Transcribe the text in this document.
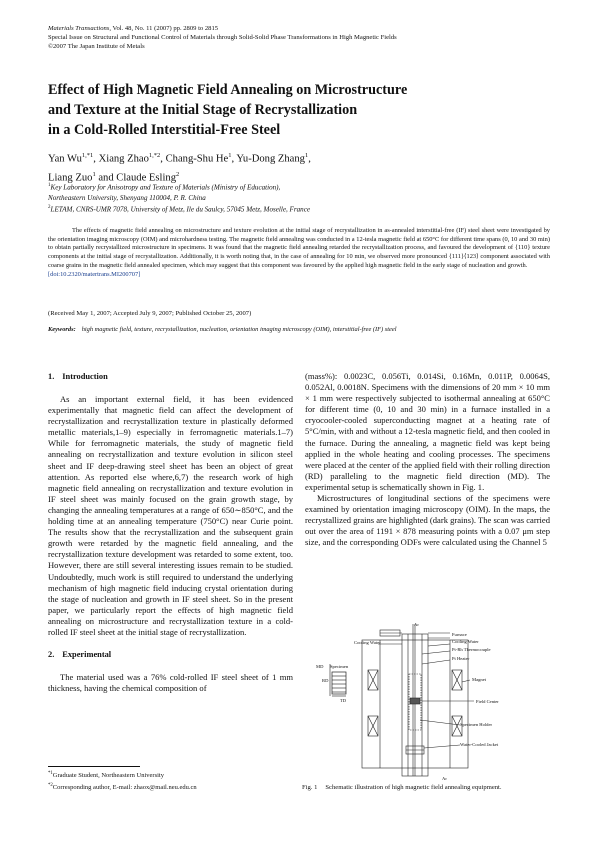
Materials Transactions, Vol. 48, No. 11 (2007) pp. 2809 to 2815
Special Issue on Structural and Functional Control of Materials through Solid-Solid Phase Transformations in High Magnetic Fields
©2007 The Japan Institute of Metals
Effect of High Magnetic Field Annealing on Microstructure
and Texture at the Initial Stage of Recrystallization
in a Cold-Rolled Interstitial-Free Steel
Yan $Wu^{1,*1}$, Xiang Zhao$^{1,*2}$, Chang-Shu He$^1$, Yu-Dong Zhang$^1$,
Liang Zuo$^1$ and Claude Esling$^2$
$^1$Key Laboratory for Anisotropy and Texture of Materials (Ministry of Education),
Northeastern University, Shenyang 110004, P. R. China
$^2$LETAM, CNRS-UMR 7078, University of Metz, Ile du Saulcy, 57045 Metz, Moselle, France
The effects of magnetic field annealing on microstructure and texture evolution at the initial stage of recrystallization in as-annealed interstitial-free (IF) steel sheet were investigated by the orientation imaging microscopy (OIM) and microhardness testing. The magnetic field annealing was conducted in a 12-tesla magnetic field at 650°C for different time spans (0, 10 and 30 min) to obtain partially recrystallized microstructure in specimens. It was found that the magnetic field annealing retarded the recrystallization process, and favoured the development of {110} texture components at the initial stage of recrystallization. Additionally, it is worth noting that, in the case of annealing for 10 min, we observed more pronounced {111}⟨123⟩ component associated with coarse grains in the magnetic field annealed specimen, which may suggest that this component was favoured by the applied high magnetic field in the early stage of nucleation and growth.
[doi:10.2320/matertrans.MI200707]
(Received May 1, 2007; Accepted July 9, 2007; Published October 25, 2007)
Keywords: high magnetic field, texture, recrystallization, nucleation, orientation imaging microscopy (OIM), interstitial-free (IF) steel
1. Introduction
As an important external field, it has been evidenced experimentally that magnetic field can affect the development of recrystallization and recrystallization texture in plastically deformed metallic materials,1–9) especially in ferromagnetic materials.1–7) While for ferromagnetic materials, the study of magnetic field annealing on recrystallization and texture evolution in silicon steel sheet and IF deep-drawing steel sheet has been an object of great attention. As reported else where,6,7) the research work of high magnetic field annealing on recrystallization and texture evolution in IF steel sheet was mainly focused on the grain growth stage, by changing the annealing temperatures at a range of 650∼850°C, and the holding time at an annealing temperature (750°C) near Curie point. The results show that the recrystallization and the subsequent grain growth were retarded by the magnetic field annealing, and the recrystallization texture development was retarded to some extent, too. However, there are still several interesting issues remain to be studied. Undoubtedly, much work is still required to understand the underlying mechanism of high magnetic field inducing crystal orientation during the stage of nucleation and growth in IF steel sheet. So in the present paper, we particularly report the effects of high magnetic field annealing on microstructure and recrystallization texture in a cold-rolled IF steel sheet at the initial stage of recrystallization.
2. Experimental
The material used was a 76% cold-rolled IF steel sheet of 1 mm thickness, having the chemical composition of
(mass%): 0.0023C, 0.056Ti, 0.014Si, 0.16Mn, 0.011P, 0.0064S, 0.052Al, 0.0018N. Specimens with the dimensions of 20 mm × 10 mm × 1 mm were respectively subjected to isothermal annealing at 650°C for different time (0, 10 and 30 min) in a furnace installed in a cryocooler-cooled superconducting magnet at a heating rate of 5°C/min, with and without a 12-tesla magnetic field, and then cooled in the furnace. During the annealing, a magnetic field was kept being applied in the whole heating and cooling processes. The specimens were placed at the center of the applied field with their rolling direction (RD) paralleling to the magnetic field direction (MD). The experimental setup is schematically shown in Fig. 1.
Microstructures of longitudinal sections of the specimens were examined by orientation imaging microscopy (OIM). In the maps, the recrystallized grains are highlighted (dark grains). The scan was carried out over the area of 1191 × 878 measuring points with a 0.07 μm step size, and the corresponding ODFs were calculated using the Channel 5
Ar
Furnace
Cooling Water
Pt-Rh Thermocouple
Pt Heater
Magnet
Field Center
Specimen Holder
Water-Cooled Jacket
Ar
Cooling Water
MD Specimen
RD
TD
Fig. 1 Schematic illustration of high magnetic field annealing equipment.
$^{*1}$Graduate Student, Northeastern University
$^{*2}$Corresponding author, E-mail: zhaox@mail.neu.edu.cn
